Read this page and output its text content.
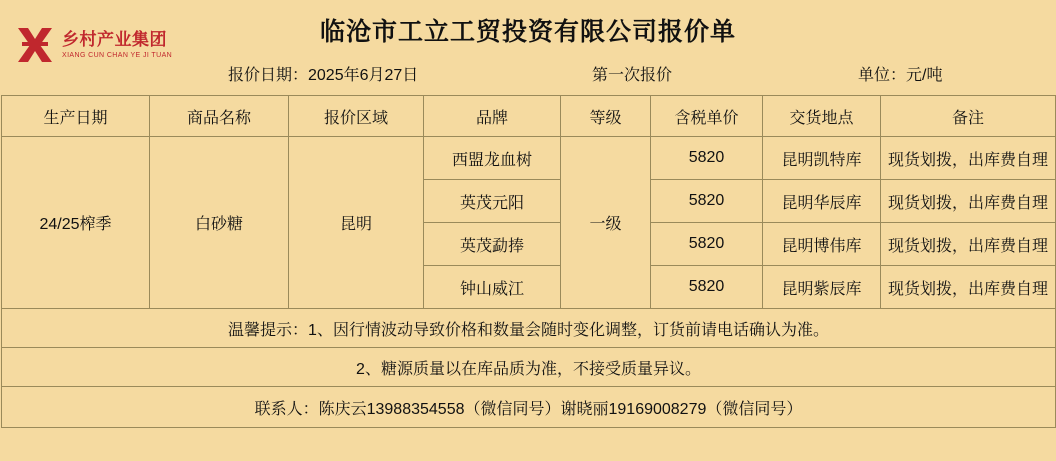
乡村产业集团
XIANG CUN CHAN YE JI TUAN
临沧市工立工贸投资有限公司报价单
报价日期：2025年6月27日	第一次报价	单位：元/吨
生产日期	商品名称	报价区域	品牌	等级	含税单价	交货地点	备注
24/25榨季	白砂糖	昆明	西盟龙血树	一级	5820	昆明凯特库	现货划拨，出库费自理
			英茂元阳		5820	昆明华辰库	现货划拨，出库费自理
			英茂勐捧		5820	昆明博伟库	现货划拨，出库费自理
			钟山威江		5820	昆明紫辰库	现货划拨，出库费自理
温馨提示：1、因行情波动导致价格和数量会随时变化调整，订货前请电话确认为准。							
2、糖源质量以在库品质为准，不接受质量异议。							
联系人：陈庆云13988354558（微信同号）谢晓丽19169008279（微信同号）							
